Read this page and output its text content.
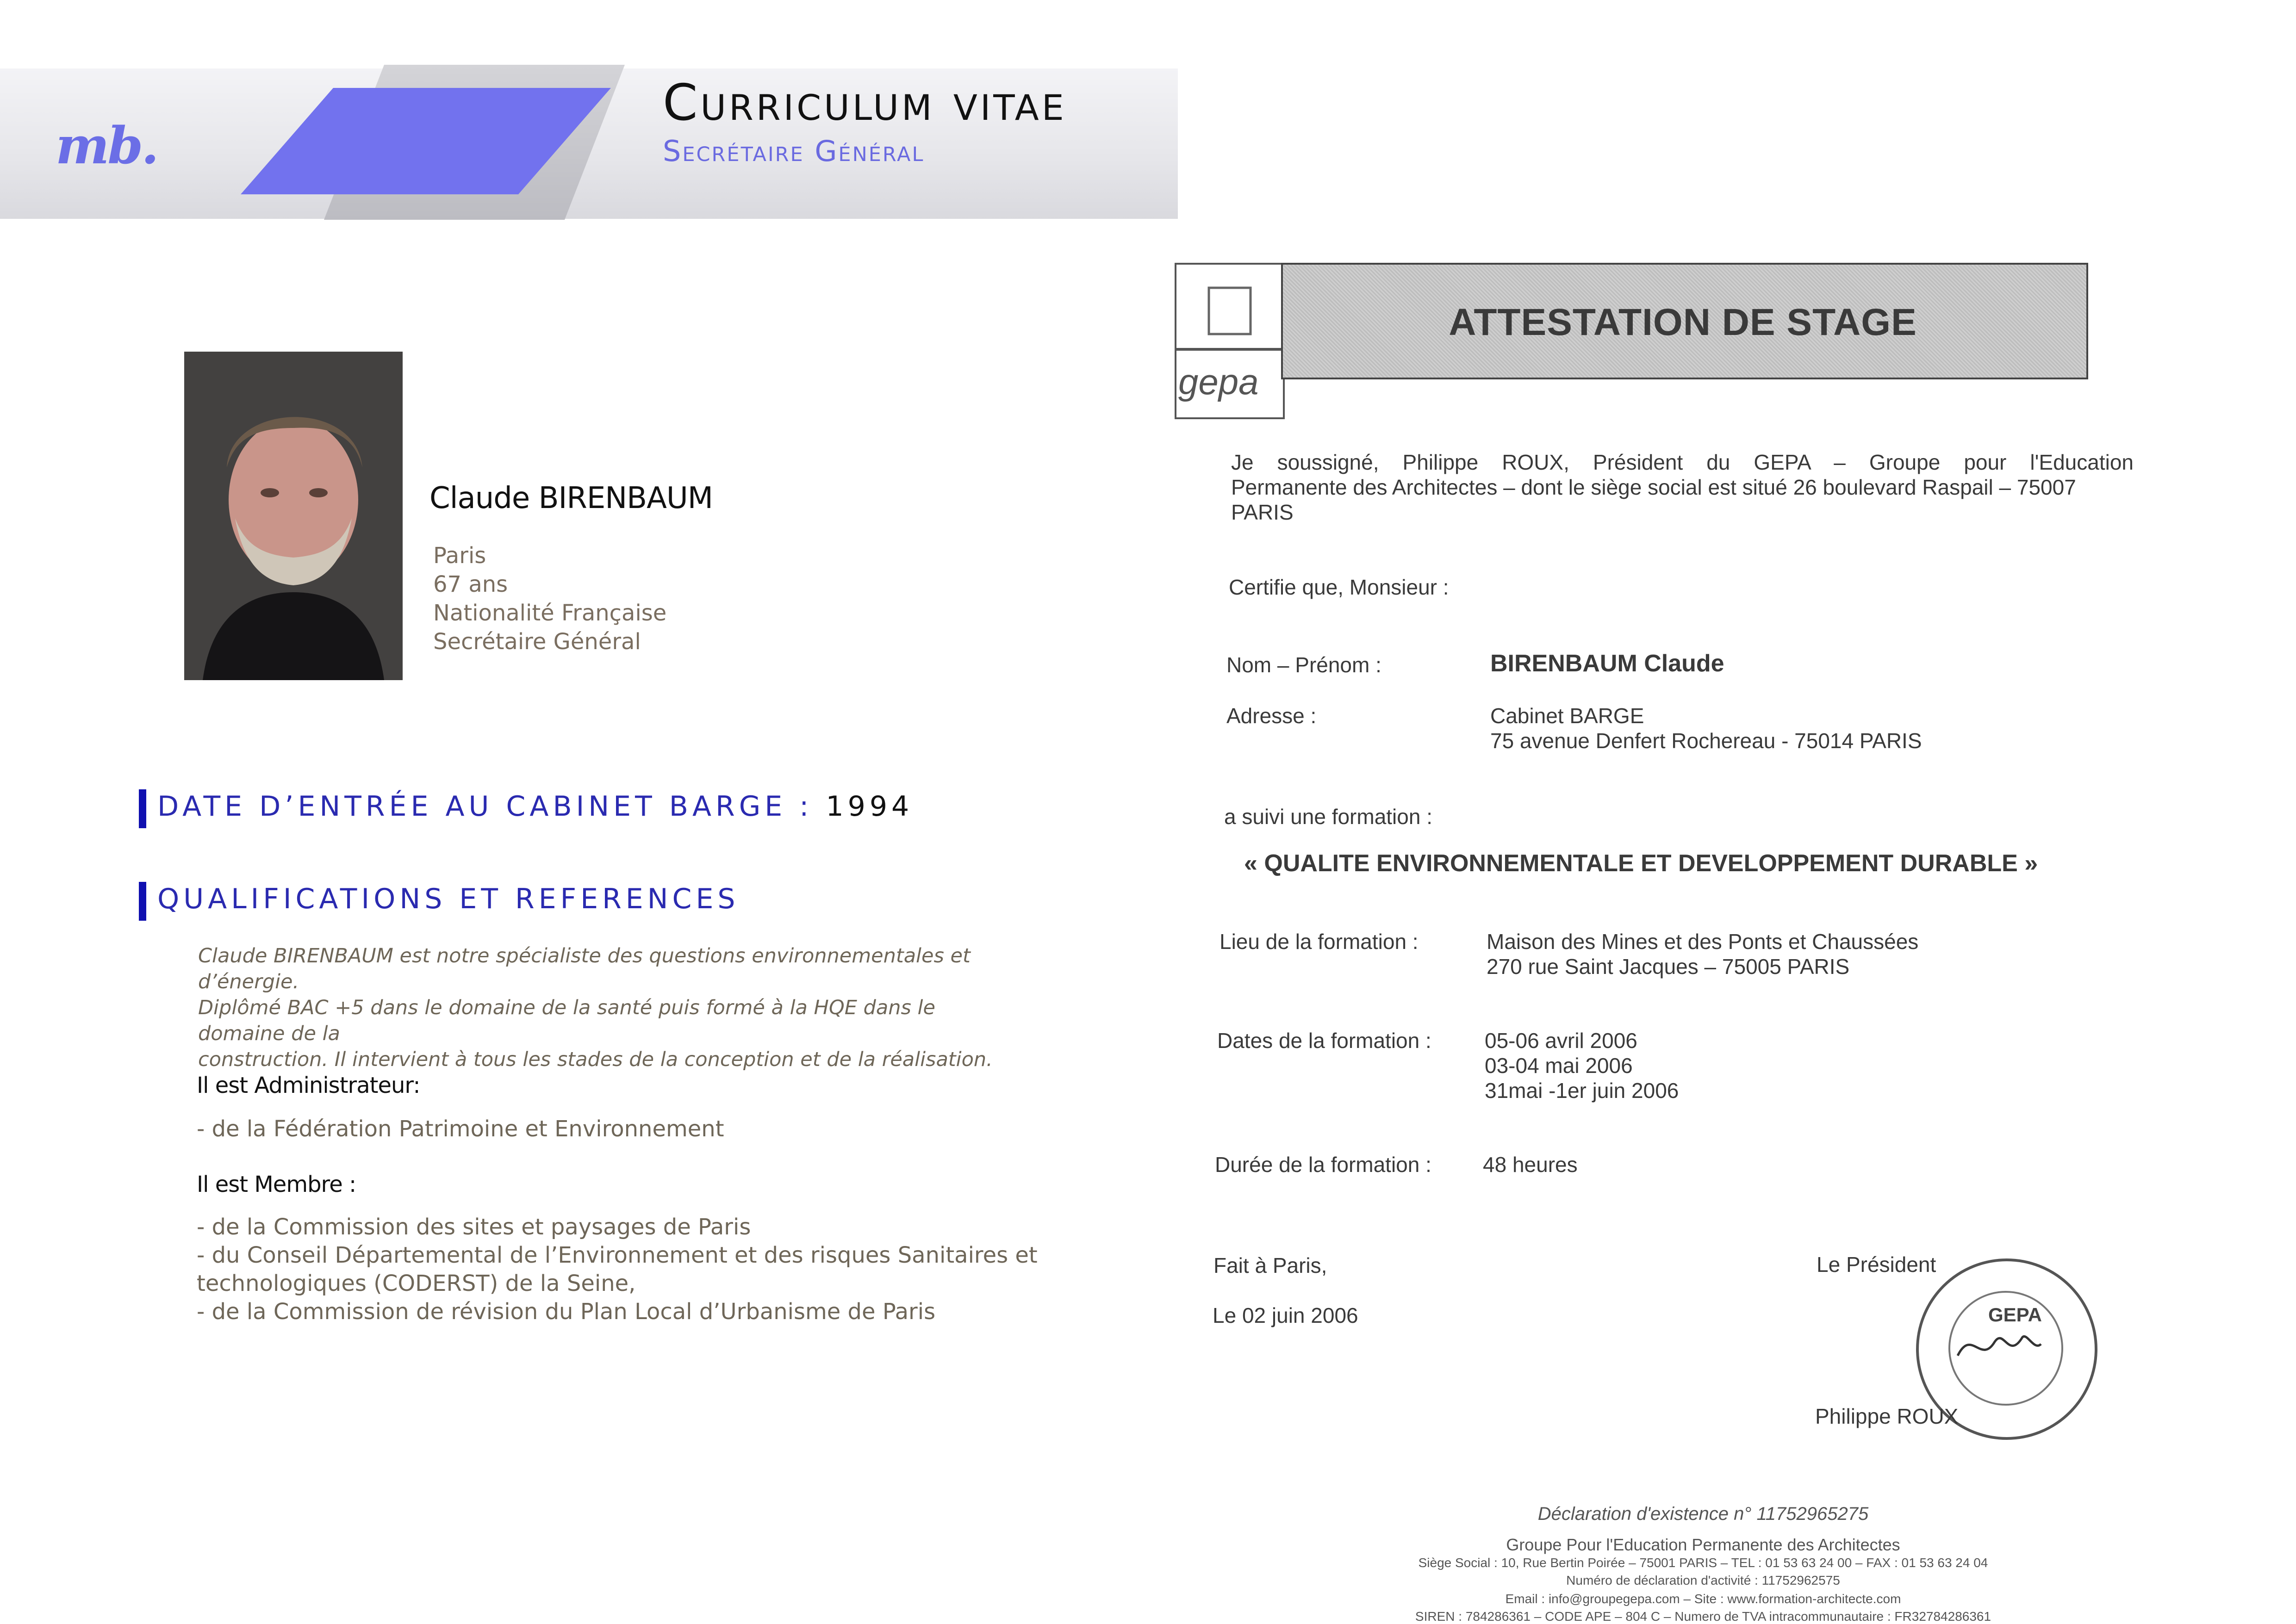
mb.
Curriculum vitae
Secrétaire Général
Claude BIRENBAUM
Paris
67 ans
Nationalité Française
Secrétaire Général
DATE D’ENTRÉE AU CABINET BARGE : 1994
QUALIFICATIONS ET REFERENCES
Claude BIRENBAUM est notre spécialiste des questions environnementales et d’énergie.
Diplômé BAC +5 dans le domaine de la santé puis formé à la HQE dans le domaine de la
construction. Il intervient à tous les stades de la conception et de la réalisation.
Il est Administrateur:
- de la Fédération Patrimoine et Environnement
Il est Membre :
- de la Commission des sites et paysages de Paris
- du Conseil Départemental de l’Environnement et des risques Sanitaires et
technologiques (CODERST) de la Seine,
- de la Commission de révision du Plan Local d’Urbanisme de Paris
gepa
ATTESTATION DE STAGE
Je soussigné, Philippe ROUX, Président du GEPA – Groupe pour l'Education
Permanente des Architectes – dont le siège social est situé 26 boulevard Raspail – 75007
PARIS
Certifie que, Monsieur :
Nom – Prénom :	BIRENBAUM Claude
Adresse :	Cabinet BARGE
75 avenue Denfert Rochereau - 75014 PARIS
a suivi une formation :
« QUALITE ENVIRONNEMENTALE ET DEVELOPPEMENT DURABLE »
Lieu de la formation :	Maison des Mines et des Ponts et Chaussées
270 rue Saint Jacques – 75005 PARIS
Dates de la formation :	05-06 avril 2006
03-04 mai 2006
31mai -1er juin 2006
Durée de la formation : 48 heures
Fait à Paris,
Le 02 juin 2006
Le Président
GEPA
Philippe ROUX
Déclaration d'existence n° 11752965275
Groupe Pour l'Education Permanente des Architectes
Siège Social : 10, Rue Bertin Poirée – 75001 PARIS – TEL : 01 53 63 24 00 – FAX : 01 53 63 24 04
Numéro de déclaration d'activité : 11752962575
Email : info@groupegepa.com – Site : www.formation-architecte.com
SIREN : 784286361 – CODE APE – 804 C – Numero de TVA intracommunautaire : FR32784286361
